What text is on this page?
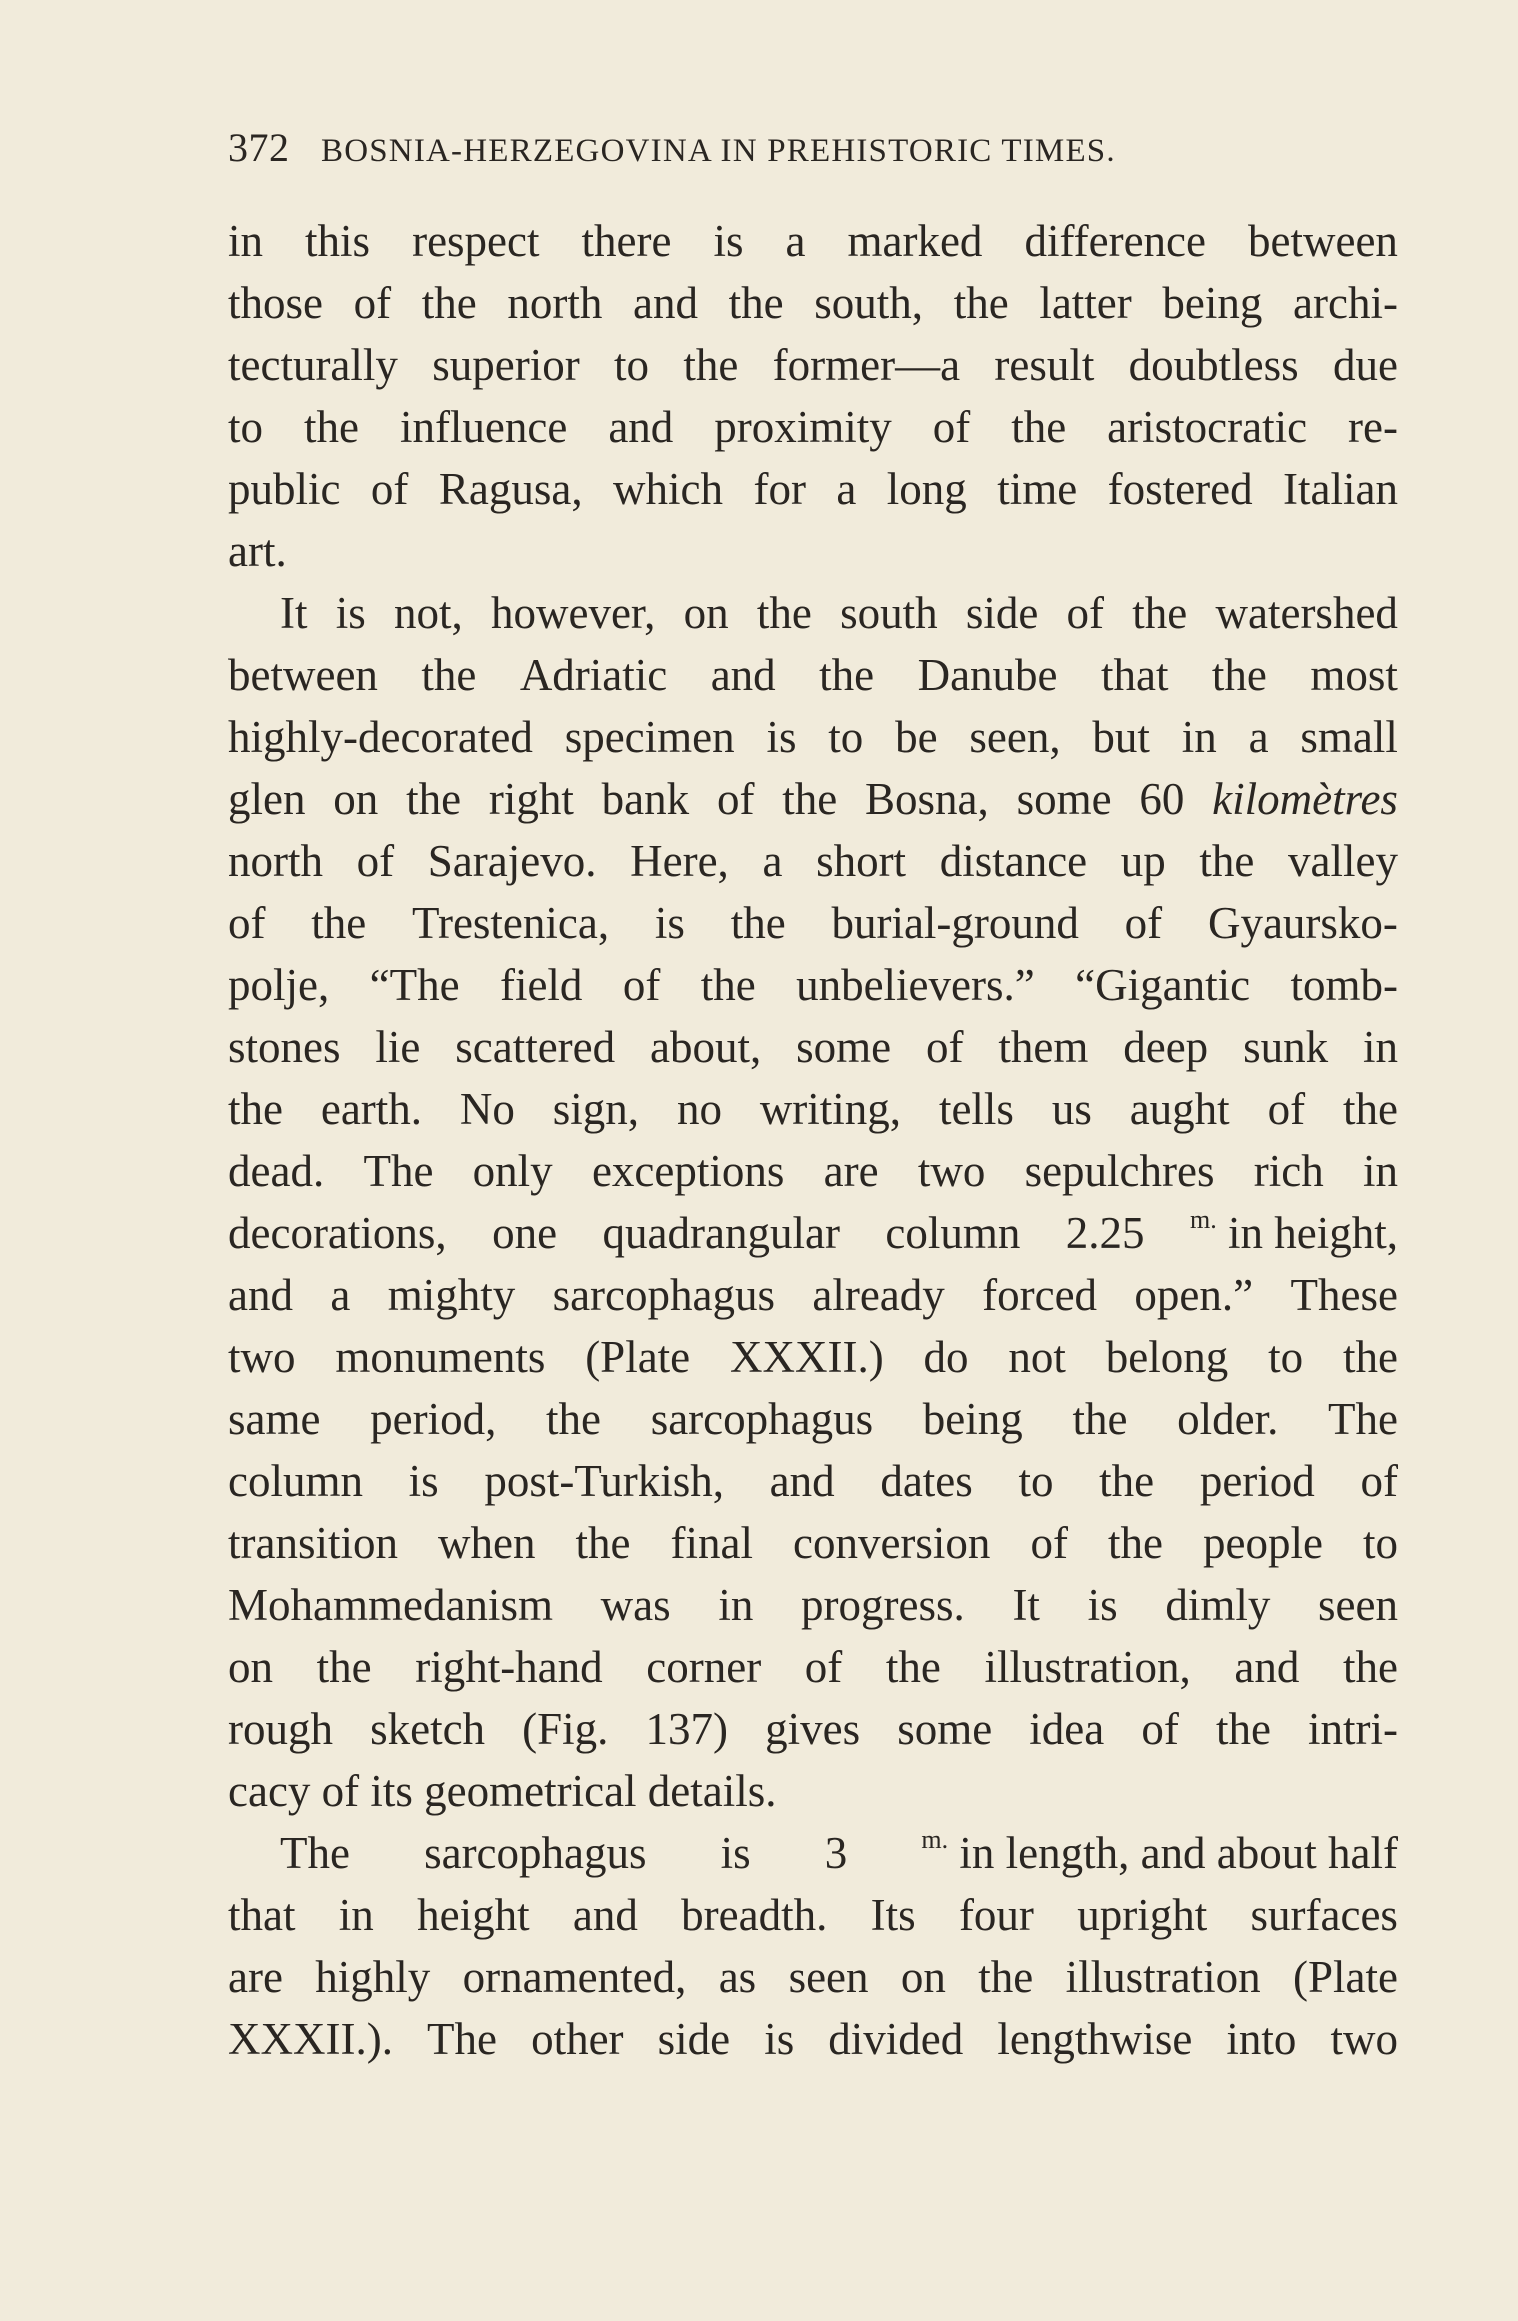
372 BOSNIA-HERZEGOVINA IN PREHISTORIC TIMES.
in this respect there is a marked difference between
those of the north and the south, the latter being archi-
tecturally superior to the former—a result doubtless due
to the influence and proximity of the aristocratic re-
public of Ragusa, which for a long time fostered Italian
art.
It is not, however, on the south side of the watershed
between the Adriatic and the Danube that the most
highly-decorated specimen is to be seen, but in a small
glen on the right bank of the Bosna, some 60 kilomètres
north of Sarajevo. Here, a short distance up the valley
of the Trestenica, is the burial-ground of Gyaursko-
polje, “The field of the unbelievers.” “Gigantic tomb-
stones lie scattered about, some of them deep sunk in
the earth. No sign, no writing, tells us aught of the
dead. The only exceptions are two sepulchres rich in
decorations, one quadrangular column 2.25 $^{m.}$ in height,
and a mighty sarcophagus already forced open.” These
two monuments (Plate XXXII.) do not belong to the
same period, the sarcophagus being the older. The
column is post-Turkish, and dates to the period of
transition when the final conversion of the people to
Mohammedanism was in progress. It is dimly seen
on the right-hand corner of the illustration, and the
rough sketch (Fig. 137) gives some idea of the intri-
cacy of its geometrical details.
The sarcophagus is 3	$^{m.}$ in length, and about half
that in height and breadth. Its four upright surfaces
are highly ornamented, as seen on the illustration (Plate
XXXII.). The other side is divided lengthwise into two
